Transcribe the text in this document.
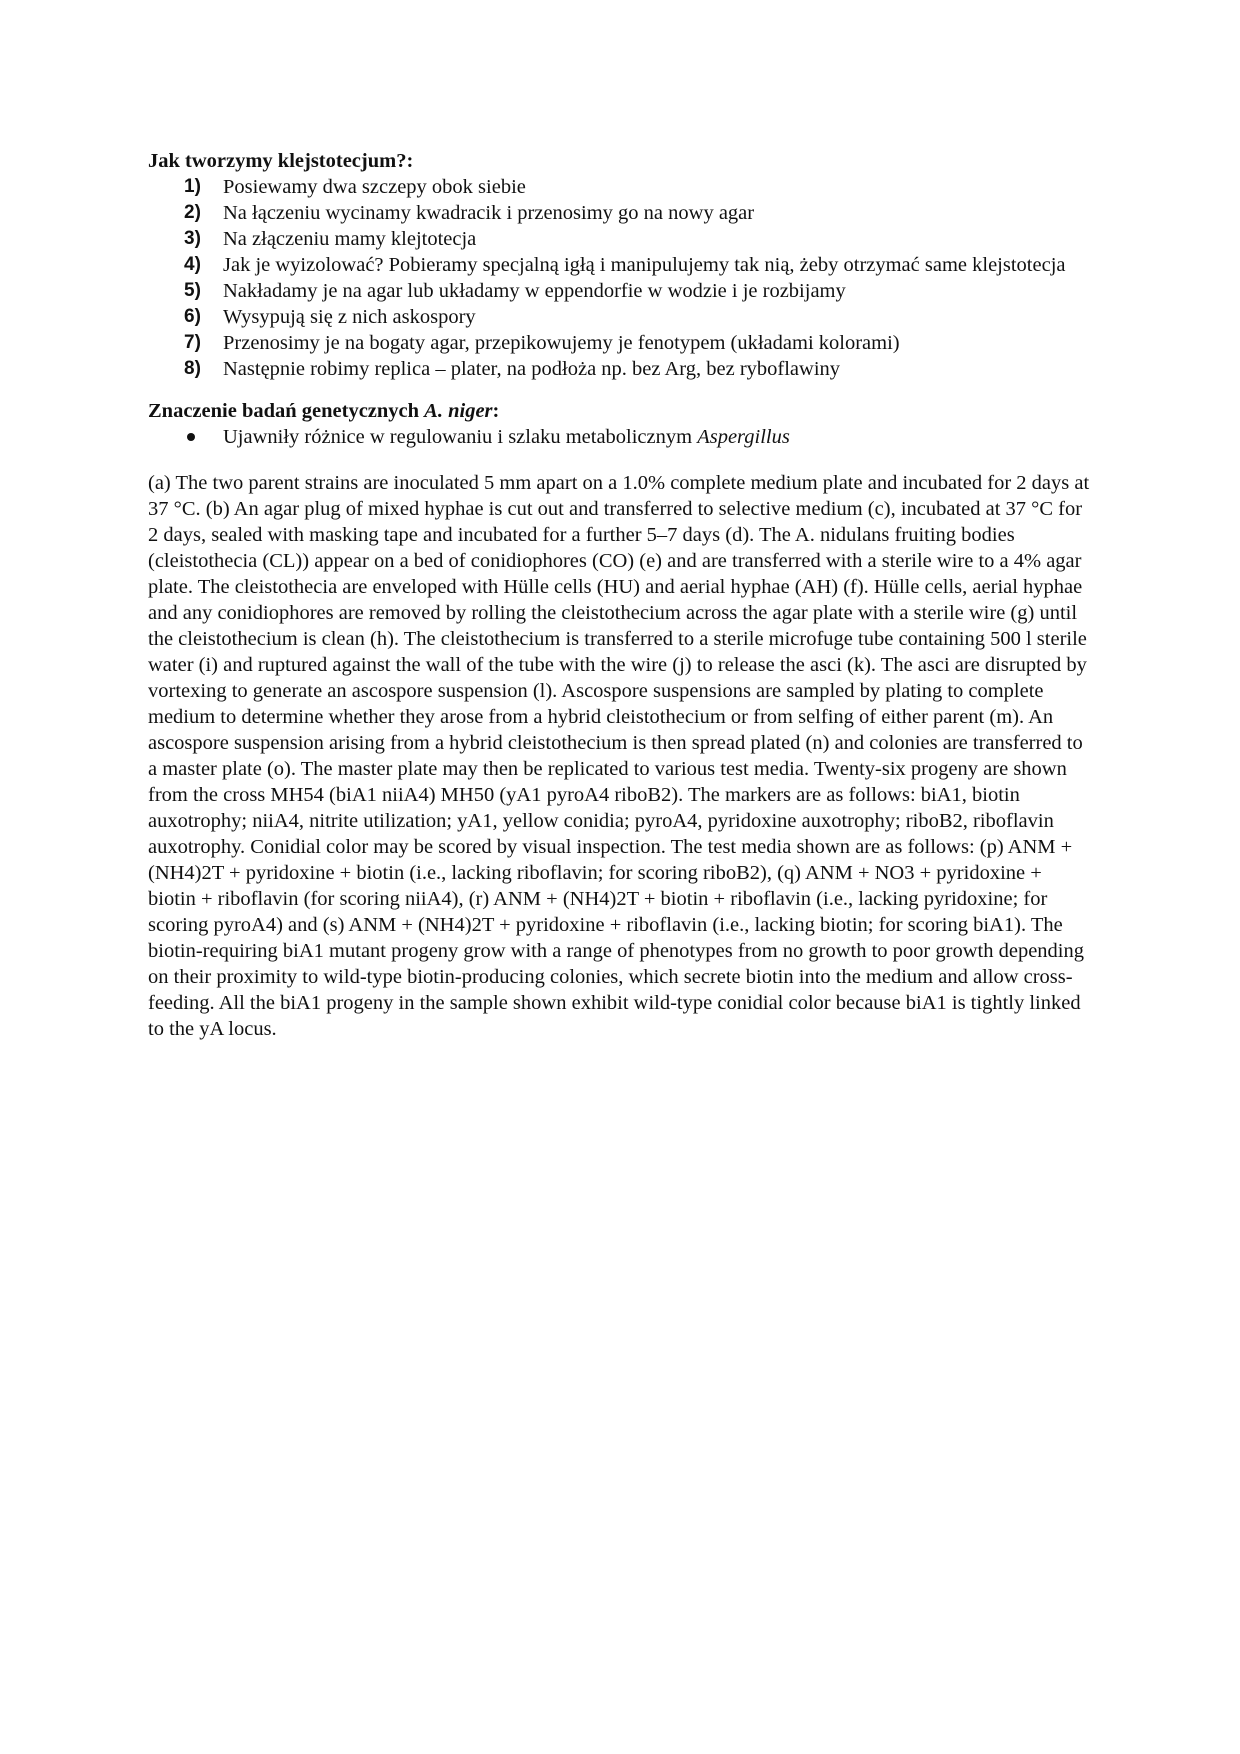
Jak tworzymy klejstotecjum?:

1) Posiewamy dwa szczepy obok siebie
2) Na łączeniu wycinamy kwadracik i przenosimy go na nowy agar
3) Na złączeniu mamy klejtotecja
4) Jak je wyizolować? Pobieramy specjalną igłą i manipulujemy tak nią, żeby otrzymać same klejstotecja
5) Nakładamy je na agar lub układamy w eppendorfie w wodzie i je rozbijamy
6) Wysypują się z nich askospory
7) Przenosimy je na bogaty agar, przepikowujemy je fenotypem (układami kolorami)
8) Następnie robimy replica – plater, na podłoża np. bez Arg, bez ryboflawiny

Znaczenie badań genetycznych A. niger:

Ujawniły różnice w regulowaniu i szlaku metabolicznym Aspergillus

(a) The two parent strains are inoculated 5 mm apart on a 1.0% complete medium plate and incubated for 2 days at 37 °C. (b) An agar plug of mixed hyphae is cut out and transferred to selective medium (c), incubated at 37 °C for 2 days, sealed with masking tape and incubated for a further 5–7 days (d). The A. nidulans fruiting bodies (cleistothecia (CL)) appear on a bed of conidiophores (CO) (e) and are transferred with a sterile wire to a 4% agar plate. The cleistothecia are enveloped with Hülle cells (HU) and aerial hyphae (AH) (f). Hülle cells, aerial hyphae and any conidiophores are removed by rolling the cleistothecium across the agar plate with a sterile wire (g) until the cleistothecium is clean (h). The cleistothecium is transferred to a sterile microfuge tube containing 500 l sterile water (i) and ruptured against the wall of the tube with the wire (j) to release the asci (k). The asci are disrupted by vortexing to generate an ascospore suspension (l). Ascospore suspensions are sampled by plating to complete medium to determine whether they arose from a hybrid cleistothecium or from selfing of either parent (m). An ascospore suspension arising from a hybrid cleistothecium is then spread plated (n) and colonies are transferred to a master plate (o). The master plate may then be replicated to various test media. Twenty-six progeny are shown from the cross MH54 (biA1 niiA4) MH50 (yA1 pyroA4 riboB2). The markers are as follows: biA1, biotin auxotrophy; niiA4, nitrite utilization; yA1, yellow conidia; pyroA4, pyridoxine auxotrophy; riboB2, riboflavin auxotrophy. Conidial color may be scored by visual inspection. The test media shown are as follows: (p) ANM + (NH4)2T + pyridoxine + biotin (i.e., lacking riboflavin; for scoring riboB2), (q) ANM + NO3 + pyridoxine + biotin + riboflavin (for scoring niiA4), (r) ANM + (NH4)2T + biotin + riboflavin (i.e., lacking pyridoxine; for scoring pyroA4) and (s) ANM + (NH4)2T + pyridoxine + riboflavin (i.e., lacking biotin; for scoring biA1). The biotin-requiring biA1 mutant progeny grow with a range of phenotypes from no growth to poor growth depending on their proximity to wild-type biotin-producing colonies, which secrete biotin into the medium and allow cross-feeding. All the biA1 progeny in the sample shown exhibit wild-type conidial color because biA1 is tightly linked to the yA locus.
